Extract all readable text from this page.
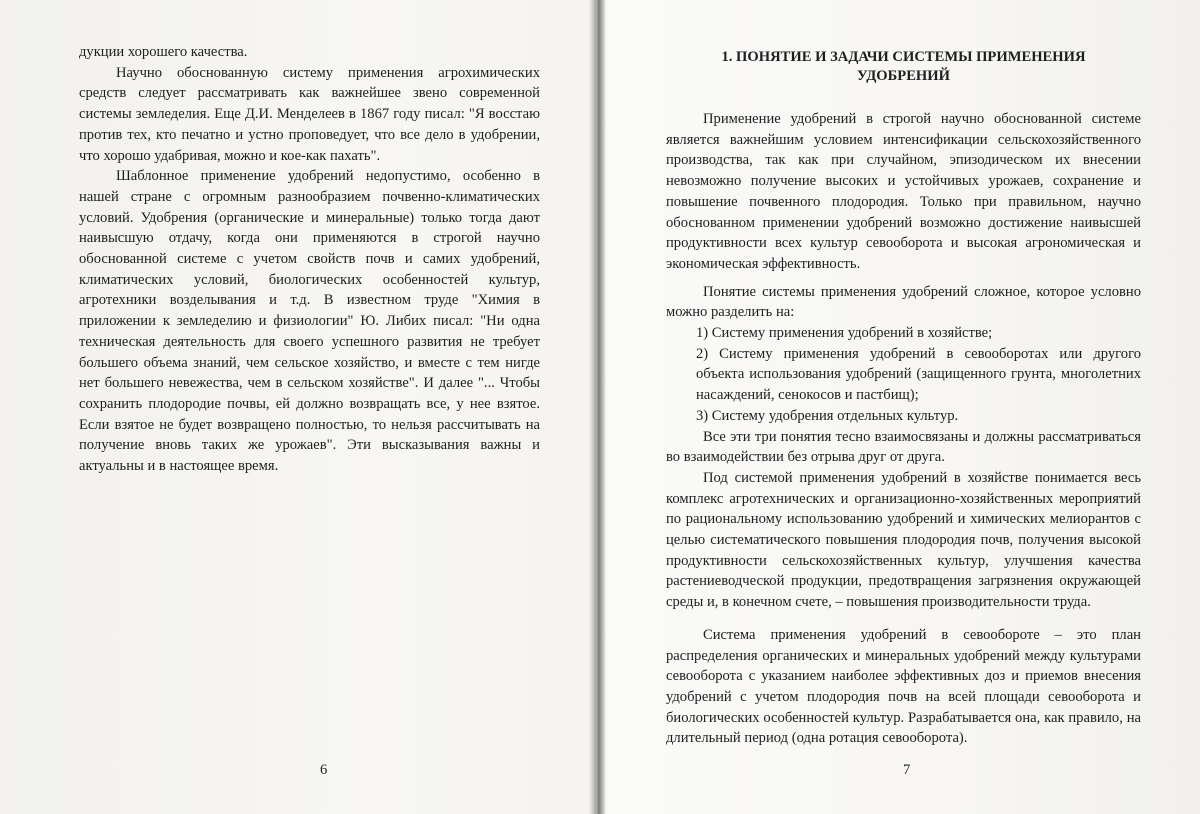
дукции хорошего качества.

Научно обоснованную систему применения агрохимических средств следует рассматривать как важнейшее звено современной системы земледелия. Еще Д.И. Менделеев в 1867 году писал: "Я восстаю против тех, кто печатно и устно проповедует, что все дело в удобрении, что хорошо удабривая, можно и кое-как пахать".

Шаблонное применение удобрений недопустимо, особенно в нашей стране с огромным разнообразием почвенно-климатических условий. Удобрения (органические и минеральные) только тогда дают наивысшую отдачу, когда они применяются в строгой научно обоснованной системе с учетом свойств почв и самих удобрений, климатических условий, биологических особенностей культур, агротехники возделывания и т.д. В известном труде "Химия в приложении к земледелию и физиологии" Ю. Либих писал: "Ни одна техническая деятельность для своего успешного развития не требует большего объема знаний, чем сельское хозяйство, и вместе с тем нигде нет большего невежества, чем в сельском хозяйстве". И далее "... Чтобы сохранить плодородие почвы, ей должно возвращать все, у нее взятое. Если взятое не будет возвращено полностью, то нельзя рассчитывать на получение вновь таких же урожаев". Эти высказывания важны и актуальны и в настоящее время.

6
1. ПОНЯТИЕ И ЗАДАЧИ СИСТЕМЫ ПРИМЕНЕНИЯ
УДОБРЕНИЙ

Применение удобрений в строгой научно обоснованной системе является важнейшим условием интенсификации сельскохозяйственного производства, так как при случайном, эпизодическом их внесении невозможно получение высоких и устойчивых урожаев, сохранение и повышение почвенного плодородия. Только при правильном, научно обоснованном применении удобрений возможно достижение наивысшей продуктивности всех культур севооборота и высокая агрономическая и экономическая эффективность.

Понятие системы применения удобрений сложное, которое условно можно разделить на:

1) Систему применения удобрений в хозяйстве;

2) Систему применения удобрений в севооборотах или другого объекта использования удобрений (защищенного грунта, многолетних насаждений, сенокосов и пастбищ);

3) Систему удобрения отдельных культур.

Все эти три понятия тесно взаимосвязаны и должны рассматриваться во взаимодействии без отрыва друг от друга.

Под системой применения удобрений в хозяйстве понимается весь комплекс агротехнических и организационно-хозяйственных мероприятий по рациональному использованию удобрений и химических мелиорантов с целью систематического повышения плодородия почв, получения высокой продуктивности сельскохозяйственных культур, улучшения качества растениеводческой продукции, предотвращения загрязнения окружающей среды и, в конечном счете, – повышения производительности труда.

Система применения удобрений в севообороте – это план распределения органических и минеральных удобрений между культурами севооборота с указанием наиболее эффективных доз и приемов внесения удобрений с учетом плодородия почв на всей площади севооборота и биологических особенностей культур. Разрабатывается она, как правило, на длительный период (одна ротация севооборота).

7
